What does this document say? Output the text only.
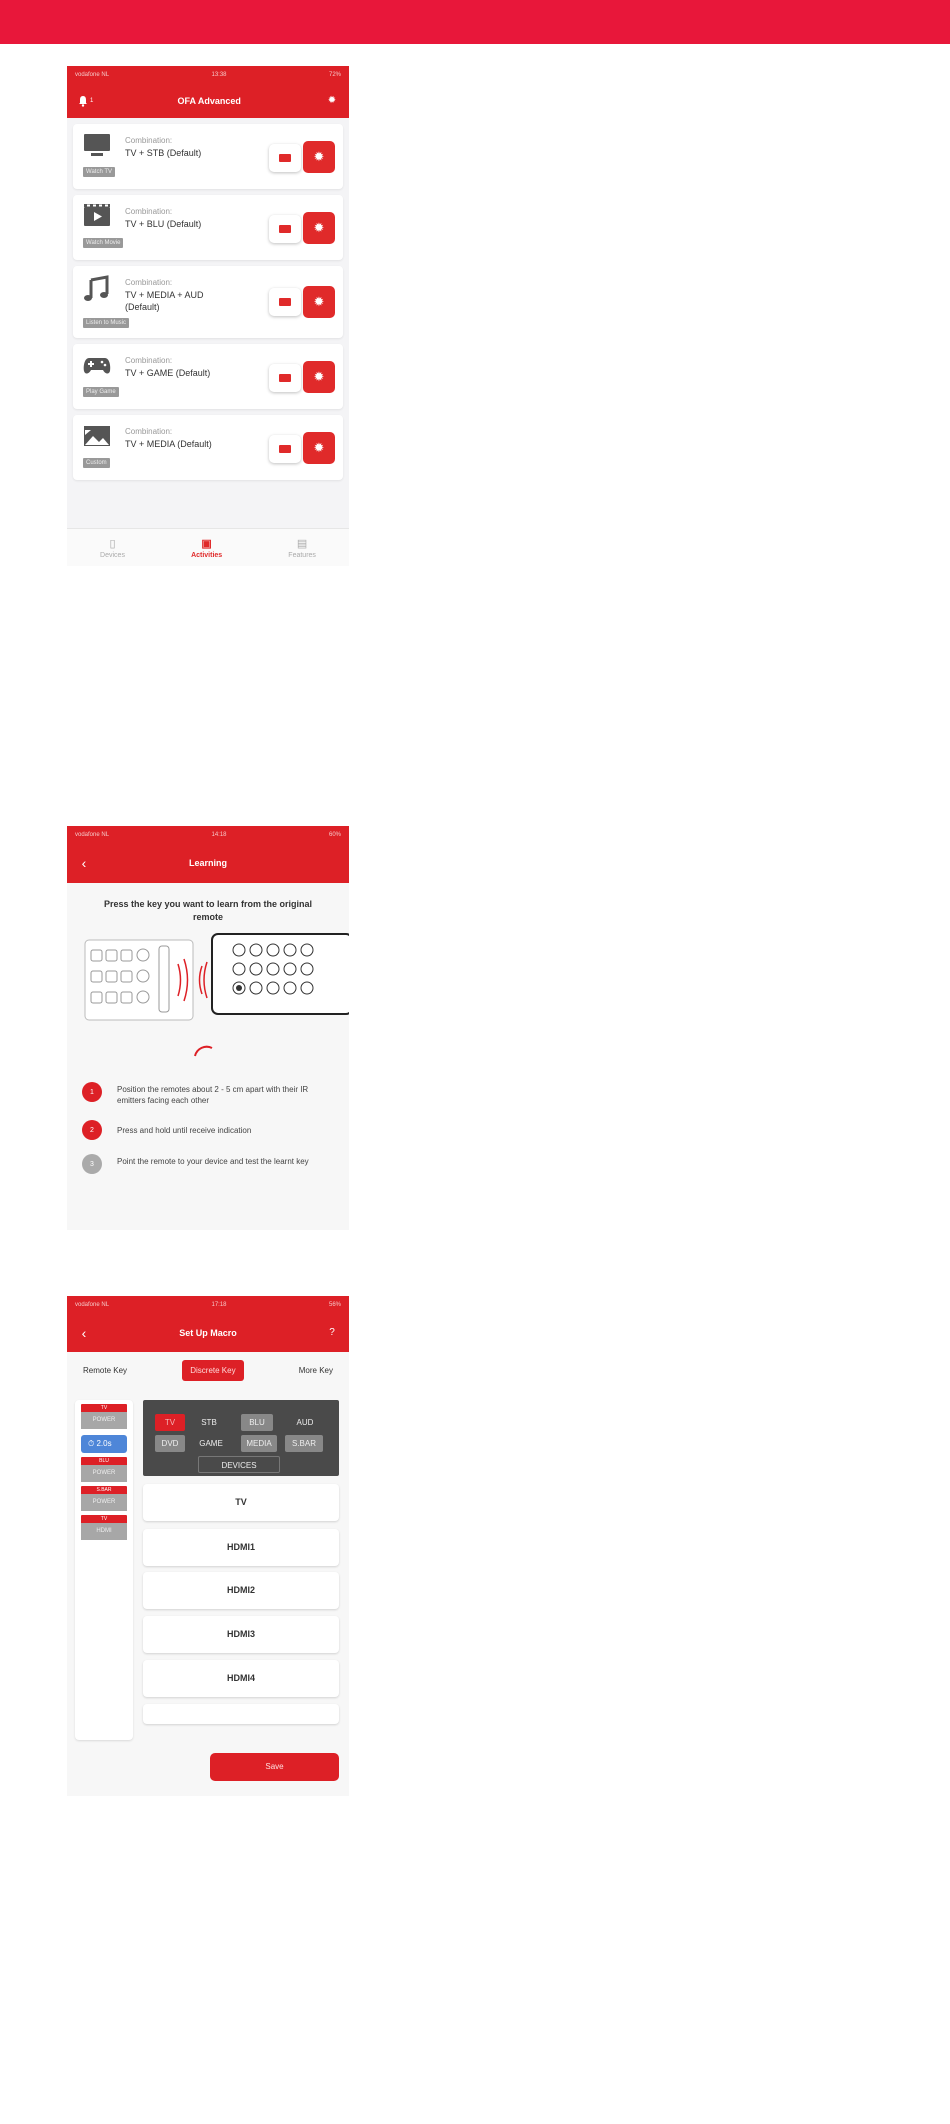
vodafone NL	13:38	72%
1	OFA Advanced	✹
Combination:
TV + STB (Default)
Watch TV
✹
Combination:
TV + BLU (Default)
Watch Movie
✹
Combination:
TV + MEDIA + AUD (Default)
Listen to Music
✹
Combination:
TV + GAME (Default)
Play Game
✹
Combination:
TV + MEDIA (Default)
Custom
✹
▯
Devices
▣
Activities
▤
Features
vodafone NL	14:18	60%
‹	Learning
Press the key you want to learn from the original remote
1	Position the remotes about 2 - 5 cm apart with their IR emitters facing each other
2	Press and hold until receive indication
3	Point the remote to your device and test the learnt key
vodafone NL	17:18	56%
‹	Set Up Macro	?
Remote Key	Discrete Key	More Key
TV
POWER
⏱ 2.0s
BLU
POWER
S.BAR
POWER
TV
HDMI
TV	STB	BLU	AUD
DVD	GAME	MEDIA	S.BAR
DEVICES
TV
HDMI1
HDMI2
HDMI3
HDMI4
Save
